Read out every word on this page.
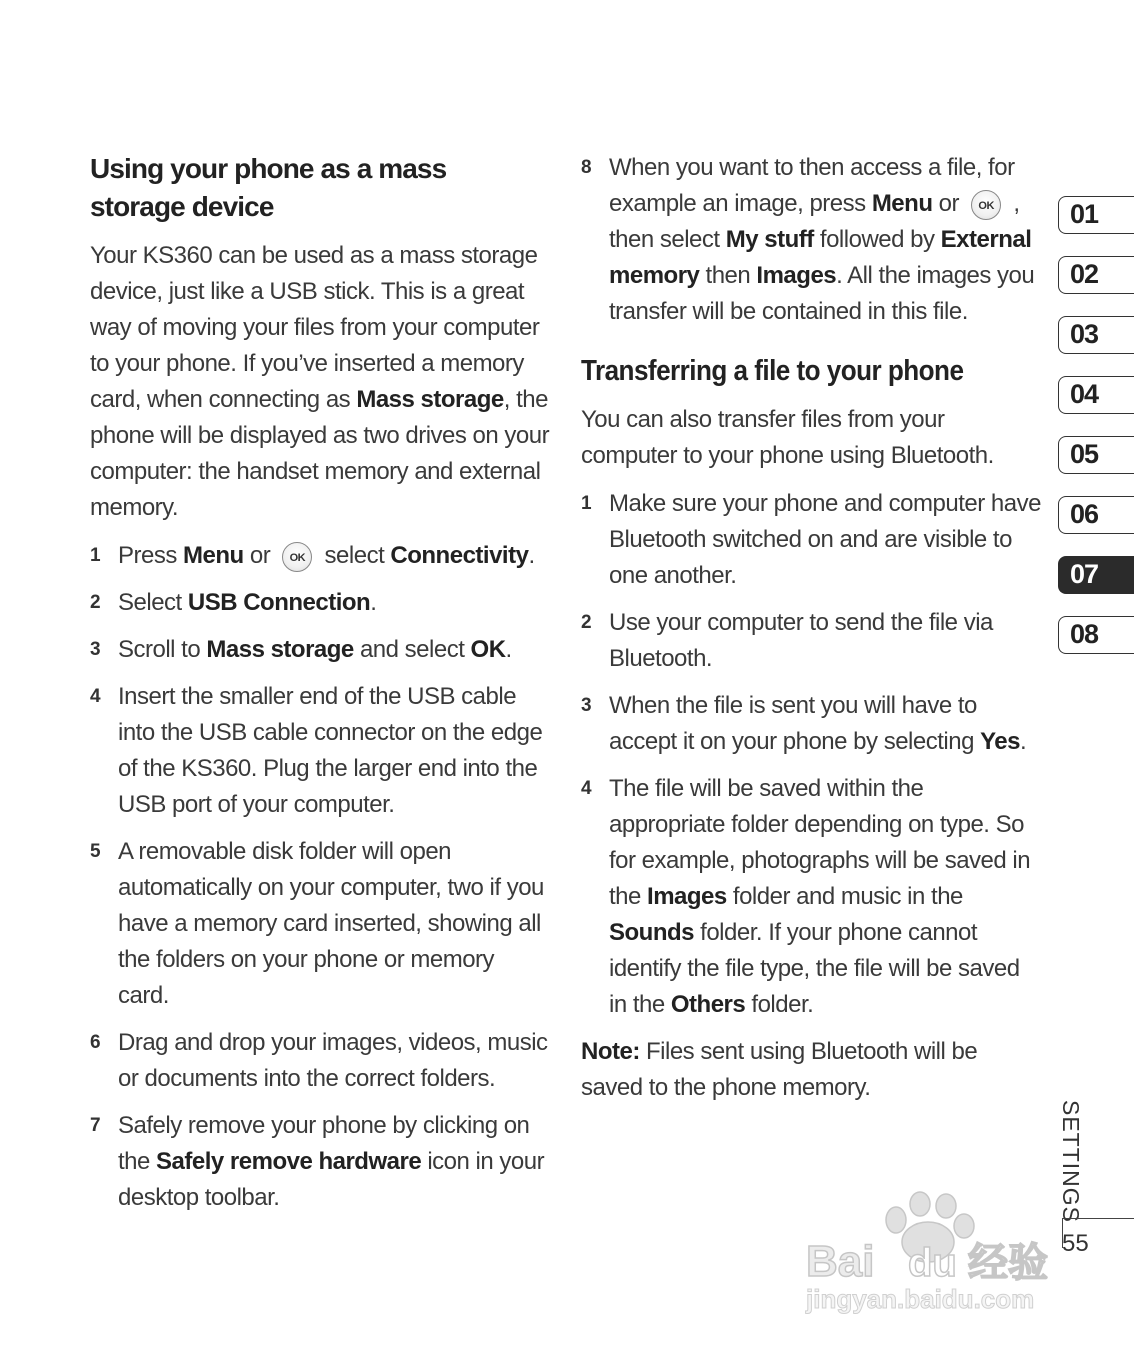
Using your phone as a mass storage device

Your KS360 can be used as a mass storage device, just like a USB stick. This is a great way of moving your files from your computer to your phone. If you’ve inserted a memory card, when connecting as Mass storage, the phone will be displayed as two drives on your computer: the handset memory and external memory.

1 Press Menu or OK select Connectivity.
2 Select USB Connection.
3 Scroll to Mass storage and select OK.
4 Insert the smaller end of the USB cable into the USB cable connector on the edge of the KS360. Plug the larger end into the USB port of your computer.
5 A removable disk folder will open automatically on your computer, two if you have a memory card inserted, showing all the folders on your phone or memory card.
6 Drag and drop your images, videos, music or documents into the correct folders.
7 Safely remove your phone by clicking on the Safely remove hardware icon in your desktop toolbar.
8 When you want to then access a file, for example an image, press Menu or OK , then select My stuff followed by External memory then Images. All the images you transfer will be contained in this file.
Transferring a file to your phone

You can also transfer files from your computer to your phone using Bluetooth.

1 Make sure your phone and computer have Bluetooth switched on and are visible to one another.
2 Use your computer to send the file via Bluetooth.
3 When the file is sent you will have to accept it on your phone by selecting Yes.
4 The file will be saved within the appropriate folder depending on type. So for example, photographs will be saved in the Images folder and music in the Sounds folder. If your phone cannot identify the file type, the file will be saved in the Others folder.

Note: Files sent using Bluetooth will be saved to the phone memory.

01
02
03
04
05
06
07
08
SETTINGS
55
Bai du 经验
jingyan.baidu.com
